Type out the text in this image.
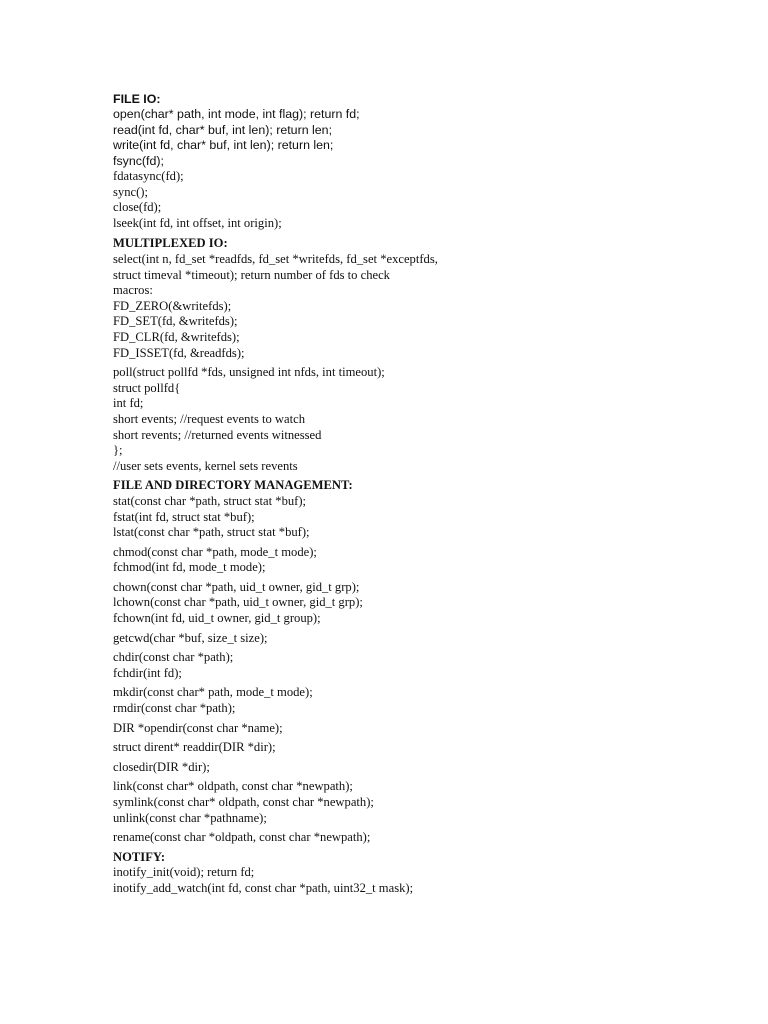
FILE IO:
open(char* path, int mode, int flag); return fd;
read(int fd, char* buf, int len); return len;
write(int fd, char* buf, int len); return len;
fsync(fd);
fdatasync(fd);
sync();
close(fd);
lseek(int fd, int offset, int origin);
MULTIPLEXED IO:
select(int n, fd_set *readfds, fd_set *writefds, fd_set *exceptfds,
struct timeval *timeout); return number of fds to check
macros:
FD_ZERO(&writefds);
FD_SET(fd, &writefds);
FD_CLR(fd, &writefds);
FD_ISSET(fd, &readfds);
poll(struct pollfd *fds, unsigned int nfds, int timeout);
struct pollfd{
int fd;
short events; //request events to watch
short revents; //returned events witnessed
};
//user sets events, kernel sets revents
FILE AND DIRECTORY MANAGEMENT:
stat(const char *path, struct stat *buf);
fstat(int fd, struct stat *buf);
lstat(const char *path, struct stat *buf);
chmod(const char *path, mode_t mode);
fchmod(int fd, mode_t mode);
chown(const char *path, uid_t owner, gid_t grp);
lchown(const char *path, uid_t owner, gid_t grp);
fchown(int fd, uid_t owner, gid_t group);
getcwd(char *buf, size_t size);
chdir(const char *path);
fchdir(int fd);
mkdir(const char* path, mode_t mode);
rmdir(const char *path);
DIR *opendir(const char *name);
struct dirent* readdir(DIR *dir);
closedir(DIR *dir);
link(const char* oldpath, const char *newpath);
symlink(const char* oldpath, const char *newpath);
unlink(const char *pathname);
rename(const char *oldpath, const char *newpath);
NOTIFY:
inotify_init(void); return fd;
inotify_add_watch(int fd, const char *path, uint32_t mask);
